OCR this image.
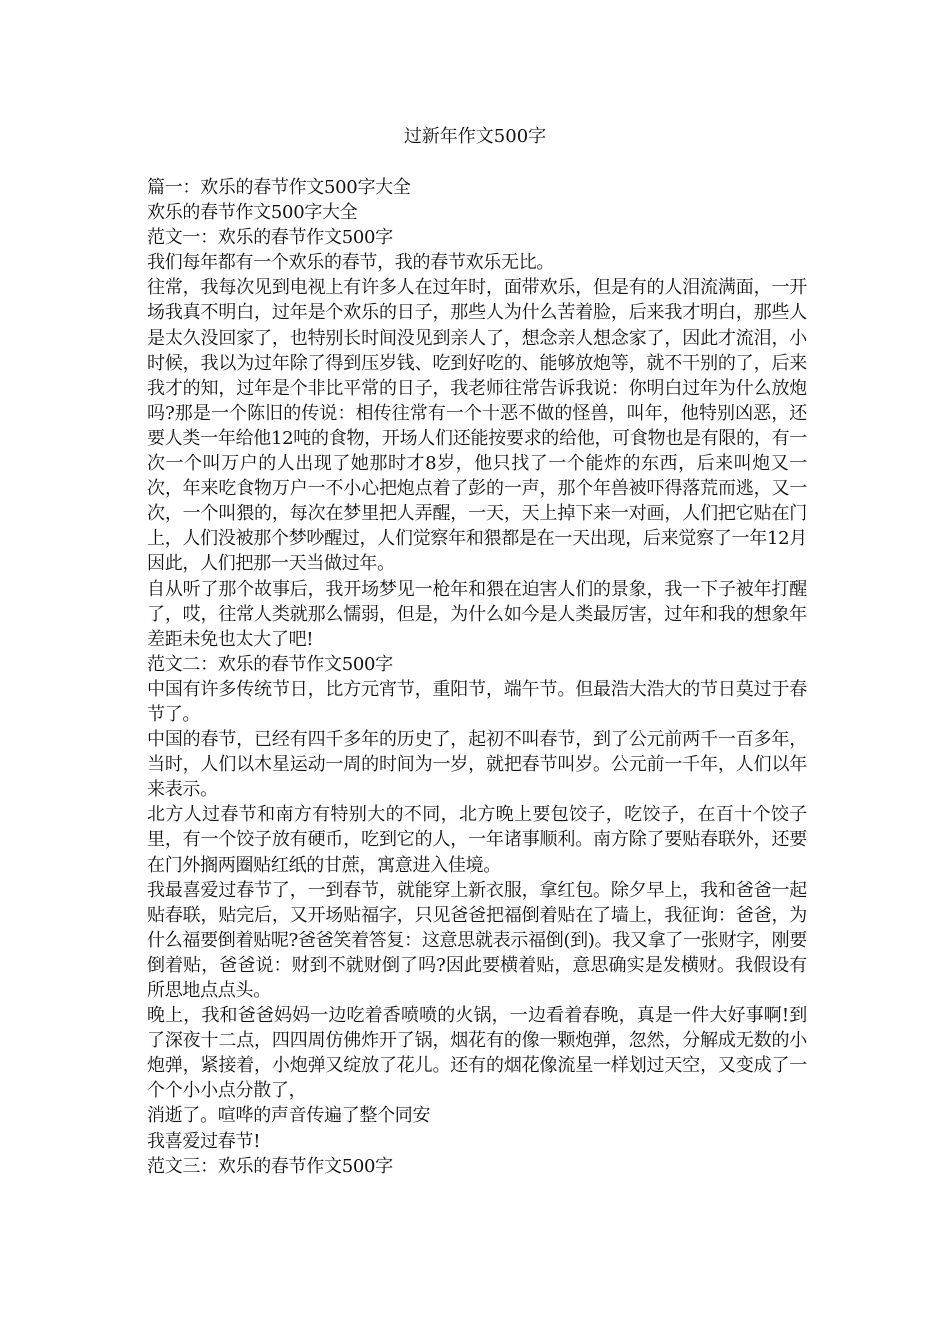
过新年作文500字

篇一：欢乐的春节作文500字大全

欢乐的春节作文500字大全

范文一：欢乐的春节作文500字

我们每年都有一个欢乐的春节，我的春节欢乐无比。

往常，我每次见到电视上有许多人在过年时，面带欢乐，但是有的人泪流满面，一开场我真不明白，过年是个欢乐的日子，那些人为什么苦着脸，后来我才明白，那些人是太久没回家了，也特别长时间没见到亲人了，想念亲人想念家了，因此才流泪，小时候，我以为过年除了得到压岁钱、吃到好吃的、能够放炮等，就不干别的了，后来我才的知，过年是个非比平常的日子，我老师往常告诉我说：你明白过年为什么放炮吗?那是一个陈旧的传说：相传往常有一个十恶不做的怪兽，叫年，他特别凶恶，还要人类一年给他12吨的食物，开场人们还能按要求的给他，可食物也是有限的，有一次一个叫万户的人出现了她那时才8岁，他只找了一个能炸的东西，后来叫炮又一次，年来吃食物万户一不小心把炮点着了彭的一声，那个年兽被吓得落荒而逃，又一次，一个叫猥的，每次在梦里把人弄醒，一天，天上掉下来一对画，人们把它贴在门上，人们没被那个梦吵醒过，人们觉察年和猥都是在一天出现，后来觉察了一年12月因此，人们把那一天当做过年。

自从听了那个故事后，我开场梦见一枪年和猥在迫害人们的景象，我一下子被年打醒了，哎，往常人类就那么懦弱，但是，为什么如今是人类最厉害，过年和我的想象年差距未免也太大了吧!

范文二：欢乐的春节作文500字

中国有许多传统节日，比方元宵节，重阳节，端午节。但最浩大浩大的节日莫过于春节了。

中国的春节，已经有四千多年的历史了，起初不叫春节，到了公元前两千一百多年，当时，人们以木星运动一周的时间为一岁，就把春节叫岁。公元前一千年，人们以年来表示。

北方人过春节和南方有特别大的不同，北方晚上要包饺子，吃饺子，在百十个饺子里，有一个饺子放有硬币，吃到它的人，一年诸事顺利。南方除了要贴春联外，还要在门外搁两圈贴红纸的甘蔗，寓意进入佳境。

我最喜爱过春节了，一到春节，就能穿上新衣服，拿红包。除夕早上，我和爸爸一起贴春联，贴完后，又开场贴福字，只见爸爸把福倒着贴在了墙上，我征询：爸爸，为什么福要倒着贴呢?爸爸笑着答复：这意思就表示福倒(到)。我又拿了一张财字，刚要倒着贴，爸爸说：财到不就财倒了吗?因此要横着贴，意思确实是发横财。我假设有所思地点点头。

晚上，我和爸爸妈妈一边吃着香喷喷的火锅，一边看着春晚，真是一件大好事啊!到了深夜十二点，四四周仿佛炸开了锅，烟花有的像一颗炮弹，忽然，分解成无数的小炮弹，紧接着，小炮弹又绽放了花儿。还有的烟花像流星一样划过天空，又变成了一个个小小点分散了，

消逝了。喧哗的声音传遍了整个同安

我喜爱过春节!

范文三：欢乐的春节作文500字
